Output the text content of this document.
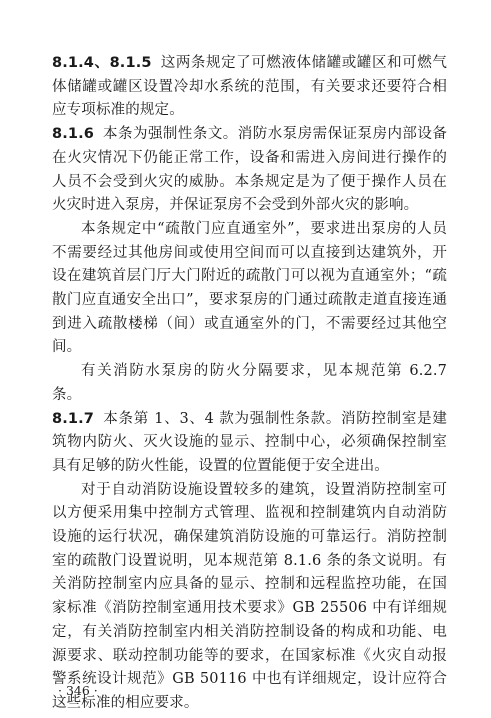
8.1.4、8.1.5 这两条规定了可燃液体储罐或罐区和可燃气体储罐或罐区设置冷却水系统的范围，有关要求还要符合相应专项标准的规定。

8.1.6 本条为强制性条文。消防水泵房需保证泵房内部设备在火灾情况下仍能正常工作，设备和需进入房间进行操作的人员不会受到火灾的威胁。本条规定是为了便于操作人员在火灾时进入泵房，并保证泵房不会受到外部火灾的影响。

本条规定中“疏散门应直通室外”，要求进出泵房的人员不需要经过其他房间或使用空间而可以直接到达建筑外，开设在建筑首层门厅大门附近的疏散门可以视为直通室外；“疏散门应直通安全出口”，要求泵房的门通过疏散走道直接连通到进入疏散楼梯（间）或直通室外的门，不需要经过其他空间。

有关消防水泵房的防火分隔要求，见本规范第 6.2.7 条。

8.1.7 本条第 1、3、4 款为强制性条款。消防控制室是建筑物内防火、灭火设施的显示、控制中心，必须确保控制室具有足够的防火性能，设置的位置能便于安全进出。

对于自动消防设施设置较多的建筑，设置消防控制室可以方便采用集中控制方式管理、监视和控制建筑内自动消防设施的运行状况，确保建筑消防设施的可靠运行。消防控制室的疏散门设置说明，见本规范第 8.1.6 条的条文说明。有关消防控制室内应具备的显示、控制和远程监控功能，在国家标准《消防控制室通用技术要求》GB 25506 中有详细规定，有关消防控制室内相关消防控制设备的构成和功能、电源要求、联动控制功能等的要求，在国家标准《火灾自动报警系统设计规范》GB 50116 中也有详细规定，设计应符合这些标准的相应要求。

· 346 ·
